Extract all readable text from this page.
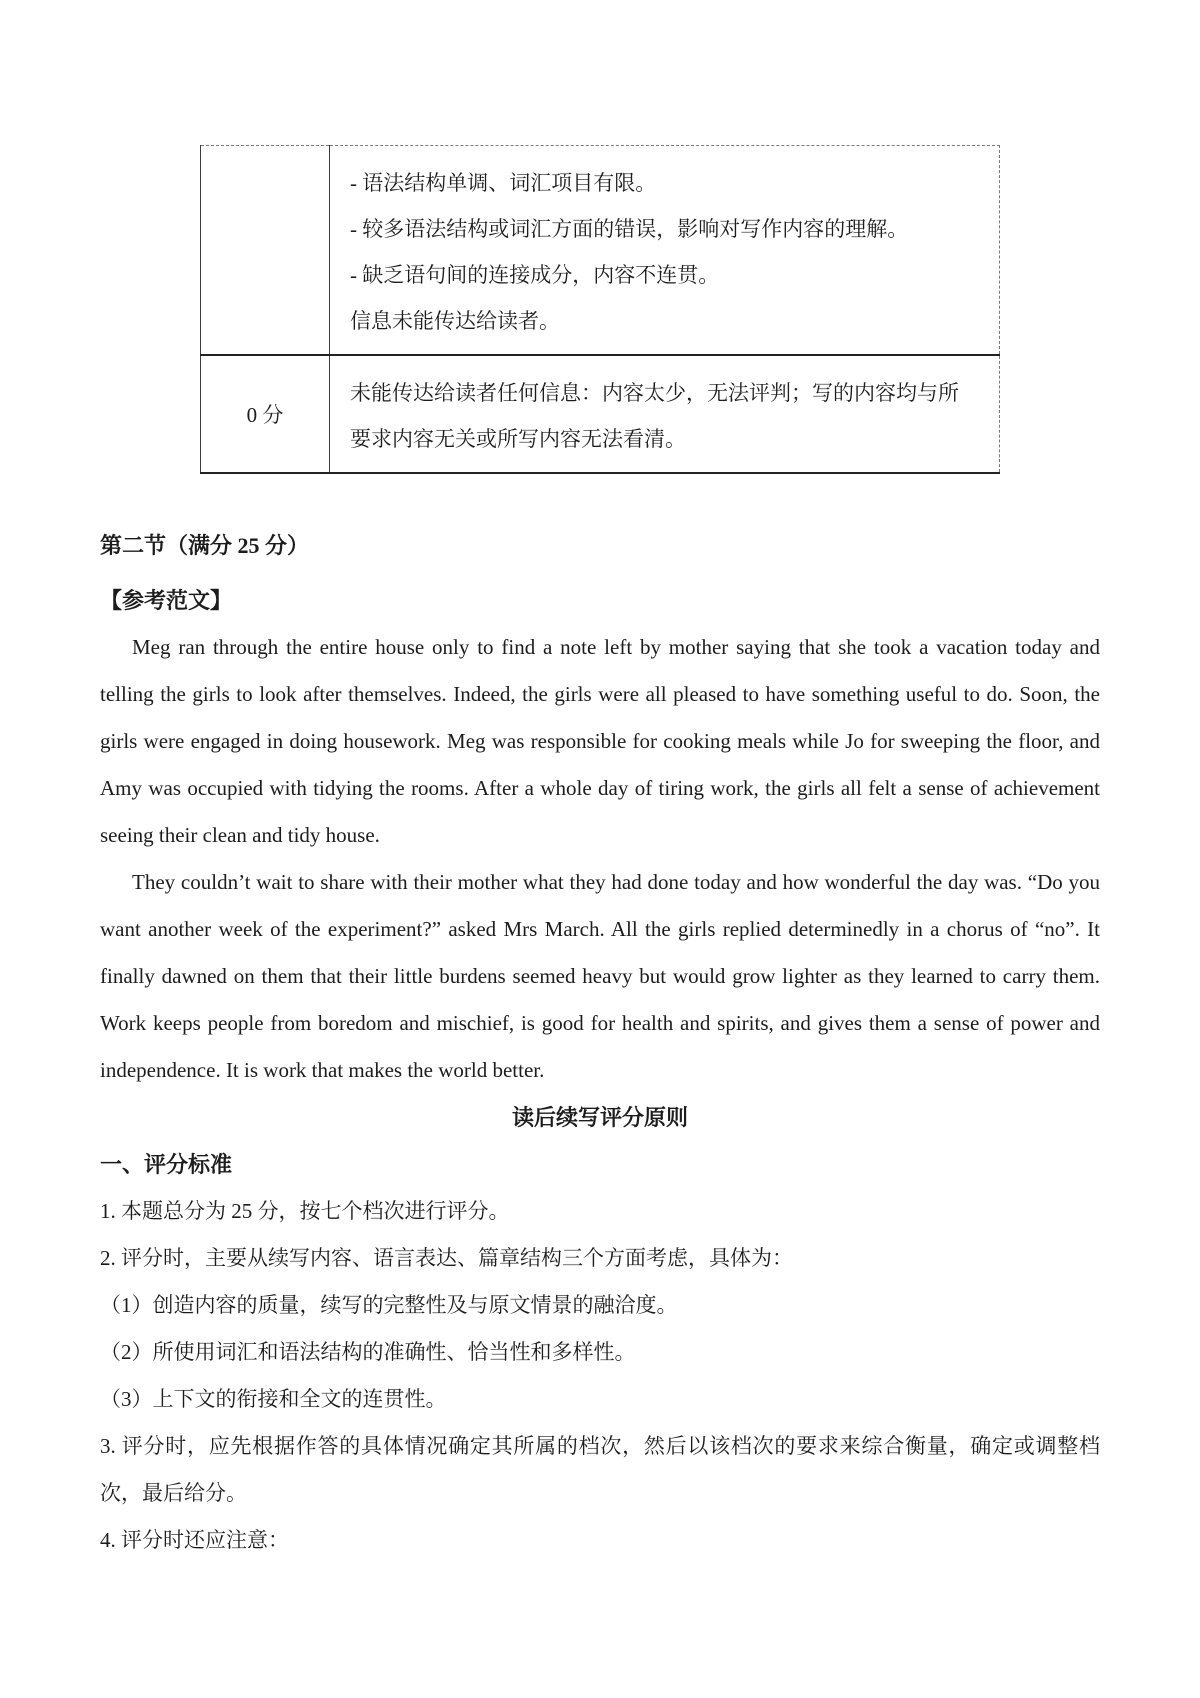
	- 语法结构单调、词汇项目有限。

- 较多语法结构或词汇方面的错误，影响对写作内容的理解。

- 缺乏语句间的连接成分，内容不连贯。

信息未能传达给读者。

0 分	未能传达给读者任何信息：内容太少，无法评判；写的内容均与所要求内容无关或所写内容无法看清。

第二节（满分 25 分）
【参考范文】

Meg ran through the entire house only to find a note left by mother saying that she took a vacation today and telling the girls to look after themselves. Indeed, the girls were all pleased to have something useful to do. Soon, the girls were engaged in doing housework. Meg was responsible for cooking meals while Jo for sweeping the floor, and Amy was occupied with tidying the rooms. After a whole day of tiring work, the girls all felt a sense of achievement seeing their clean and tidy house.

They couldn’t wait to share with their mother what they had done today and how wonderful the day was. “Do you want another week of the experiment?” asked Mrs March. All the girls replied determinedly in a chorus of “no”. It finally dawned on them that their little burdens seemed heavy but would grow lighter as they learned to carry them. Work keeps people from boredom and mischief, is good for health and spirits, and gives them a sense of power and independence. It is work that makes the world better.

读后续写评分原则
一、评分标准

1. 本题总分为 25 分，按七个档次进行评分。

2. 评分时，主要从续写内容、语言表达、篇章结构三个方面考虑，具体为：

（1）创造内容的质量，续写的完整性及与原文情景的融洽度。

（2）所使用词汇和语法结构的准确性、恰当性和多样性。

（3）上下文的衔接和全文的连贯性。

3. 评分时，应先根据作答的具体情况确定其所属的档次，然后以该档次的要求来综合衡量，确定或调整档次，最后给分。

4. 评分时还应注意：
